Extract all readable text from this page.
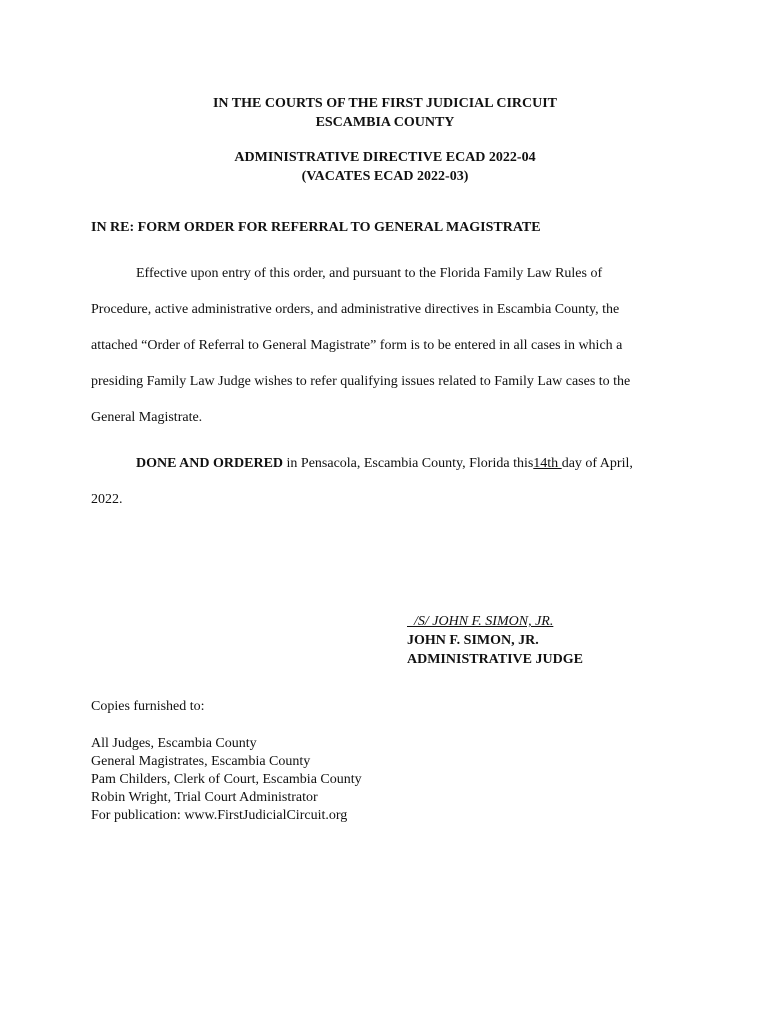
IN THE COURTS OF THE FIRST JUDICIAL CIRCUIT
ESCAMBIA COUNTY
ADMINISTRATIVE DIRECTIVE ECAD 2022-04
(VACATES ECAD 2022-03)
IN RE: FORM ORDER FOR REFERRAL TO GENERAL MAGISTRATE
Effective upon entry of this order, and pursuant to the Florida Family Law Rules of
Procedure, active administrative orders, and administrative directives in Escambia County, the
attached “Order of Referral to General Magistrate” form is to be entered in all cases in which a
presiding Family Law Judge wishes to refer qualifying issues related to Family Law cases to the
General Magistrate.
DONE AND ORDERED in Pensacola, Escambia County, Florida this14th day of April,
2022.
/S/ JOHN F. SIMON, JR.
JOHN F. SIMON, JR.
ADMINISTRATIVE JUDGE
Copies furnished to:
All Judges, Escambia County
General Magistrates, Escambia County
Pam Childers, Clerk of Court, Escambia County
Robin Wright, Trial Court Administrator
For publication: www.FirstJudicialCircuit.org
